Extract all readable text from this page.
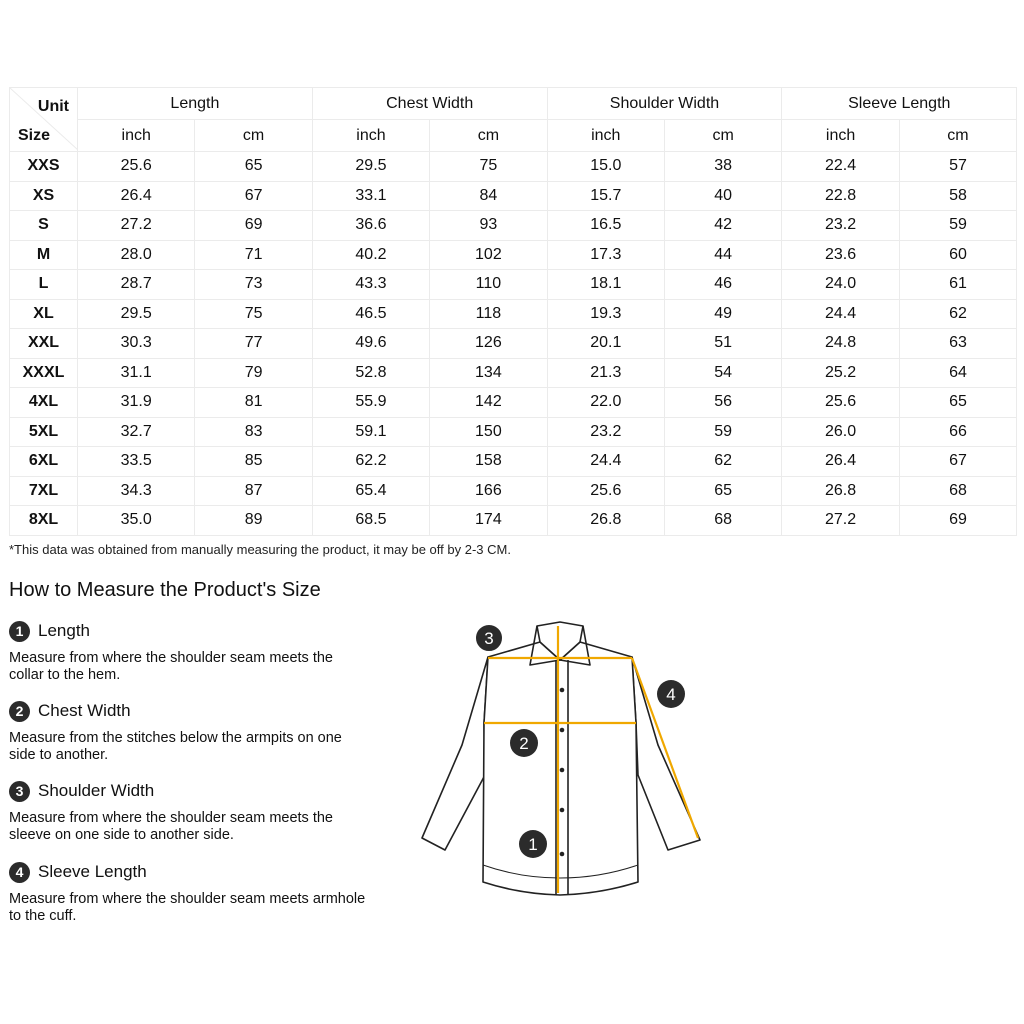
Unit
Size	Length		Chest Width		Shoulder Width		Sleeve Length	
	inch	cm	inch	cm	inch	cm	inch	cm
XXS	25.6	65	29.5	75	15.0	38	22.4	57
XS	26.4	67	33.1	84	15.7	40	22.8	58
S	27.2	69	36.6	93	16.5	42	23.2	59
M	28.0	71	40.2	102	17.3	44	23.6	60
L	28.7	73	43.3	110	18.1	46	24.0	61
XL	29.5	75	46.5	118	19.3	49	24.4	62
XXL	30.3	77	49.6	126	20.1	51	24.8	63
XXXL	31.1	79	52.8	134	21.3	54	25.2	64
4XL	31.9	81	55.9	142	22.0	56	25.6	65
5XL	32.7	83	59.1	150	23.2	59	26.0	66
6XL	33.5	85	62.2	158	24.4	62	26.4	67
7XL	34.3	87	65.4	166	25.6	65	26.8	68
8XL	35.0	89	68.5	174	26.8	68	27.2	69
*This data was obtained from manually measuring the product, it may be off by 2-3 CM.
How to Measure the Product's Size
1 Length
Measure from where the shoulder seam meets the collar to the hem.
2 Chest Width
Measure from the stitches below the armpits on one side to another.
3 Shoulder Width
Measure from where the shoulder seam meets the sleeve on one side to another side.
4 Sleeve Length
Measure from where the shoulder seam meets armhole to the cuff.
1
2
3
4
